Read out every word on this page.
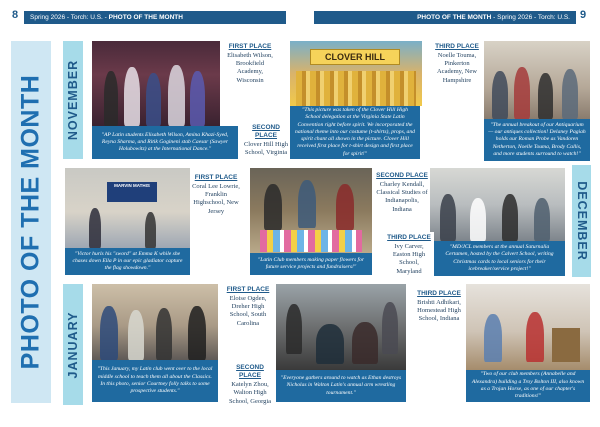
8	Spring 2026 - Torch: U.S. - PHOTO OF THE MONTH	PHOTO OF THE MONTH - Spring 2026 - Torch: U.S. 9
PHOTO OF THE MONTH NOVEMBER
DECEMBER
JANUARY
FIRST PLACE
Elisabeth Wilson, Brookfield Academy, Wisconsin
"AP Latin students Elisabeth Wilson, Amina Khazi-Syed, Reyna Sharma, and Ritik Gogineni stab Caesar (Sawyer Holubowitz) at the International Dance."
CLOVER HILL
SECOND PLACE
Clover Hill High School, Virginia
"This picture was taken of the Clover Hill High School delegation at the Virginia State Latin Convention right before spirit. We incorporated the national theme into our costume (t-shirts), props, and spirit chant all shown in the picture. Clover Hill received first place for t-shirt design and first place for spirit!"
THIRD PLACE
Noelle Touma, Pinkerton Academy, New Hampshire
"The annual breakout of our Antiquarium— our antiques collection! Delaney Pagiah holds our Roman Probe as Vandoren Netherton, Noelle Touma, Brody Callis, and more students surround to watch!"
MARVIN MATHIS
"Victor hurls his "sword" at Emma K while she chases down Ella P in our epic gladiator capture the flag showdown."
FIRST PLACE
Coral Lee Lowrie, Franklin Highschool, New Jersey
"Latin Club members making paper flowers for future service projects and fundraisers!"
SECOND PLACE
Charley Kendall, Classical Studies of Indianapolis, Indiana
THIRD PLACE
Ivy Carver, Easton High School, Maryland
"MD/JCL members at the annual Saturnalia Certamen, hosted by the Calvert School, writing Christmas cards to local seniors for their icebreaker/service project!"
FIRST PLACE
Eloise Ogden, Dreher High School, South Carolina
"This January, my Latin club went over to the local middle school to teach them all about the Classics. In this photo, senior Courtney folly talks to some prospective students."
SECOND PLACE
Katelyn Zhou, Walton High School, Georgia
"Everyone gathers around to watch as Ethan destroys Nicholas in Walton Latin's annual arm wrestling tournament."
THIRD PLACE
Brishti Adhikari, Homestead High School, Indiana
"Two of our club members (Annabelle and Alexandra) building a Troy Bolton III, also known as a Trojan Horse, as one of our chapter's traditions!"
